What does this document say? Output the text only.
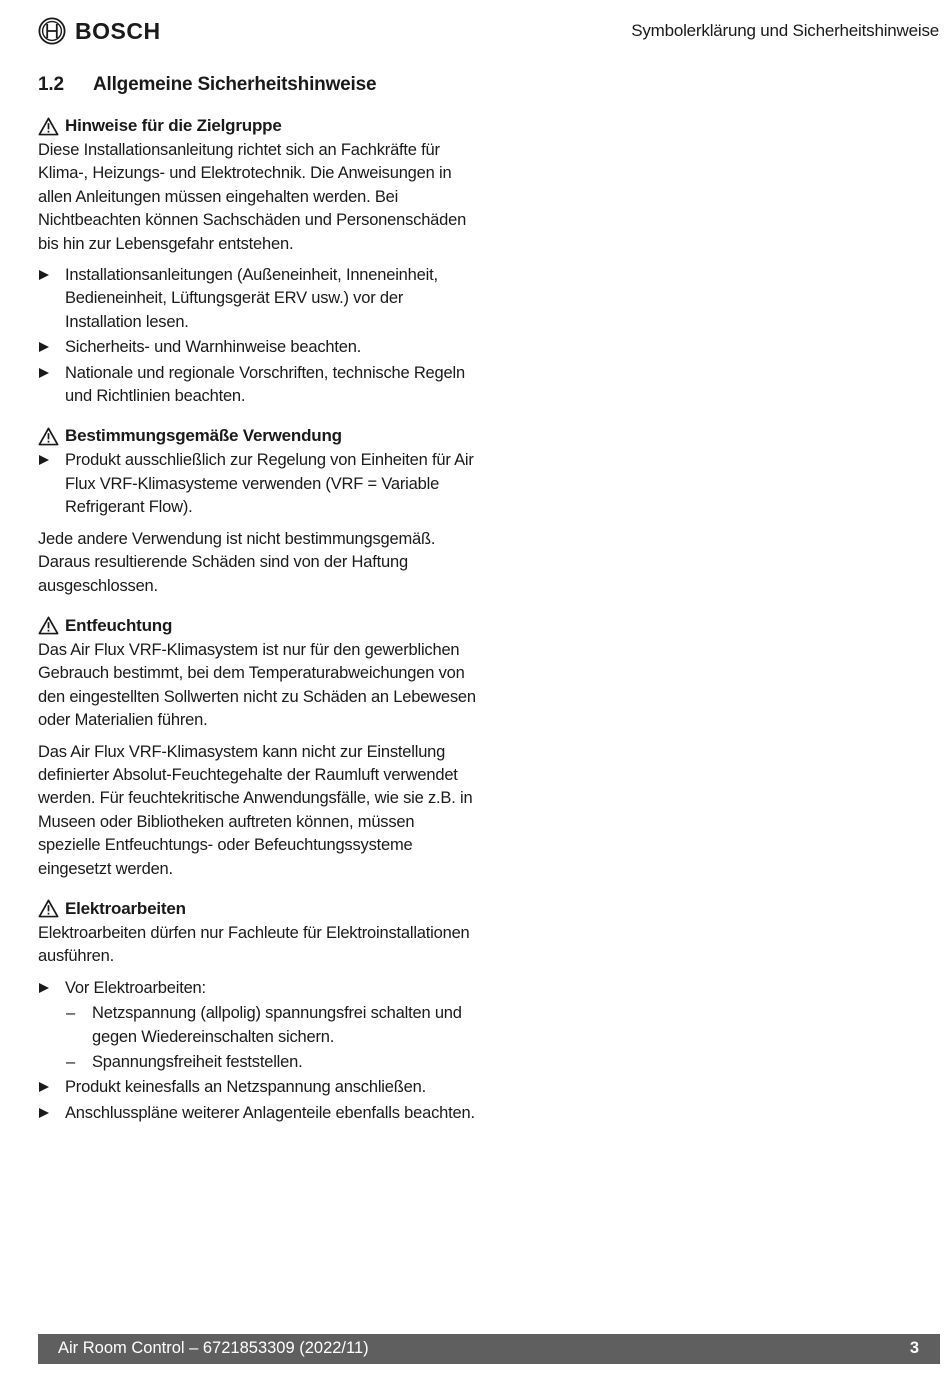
BOSCH	Symbolerklärung und Sicherheitshinweise
1.2	Allgemeine Sicherheitshinweise
Hinweise für die Zielgruppe

Diese Installationsanleitung richtet sich an Fachkräfte für Klima-, Heizungs- und Elektrotechnik. Die Anweisungen in allen Anleitungen müssen eingehalten werden. Bei Nichtbeachten können Sachschäden und Personenschäden bis hin zur Lebensgefahr entstehen.

Installationsanleitungen (Außeneinheit, Inneneinheit, Bedieneinheit, Lüftungsgerät ERV usw.) vor der Installation lesen.
Sicherheits- und Warnhinweise beachten.
Nationale und regionale Vorschriften, technische Regeln und Richtlinien beachten.
Bestimmungsgemäße Verwendung
Produkt ausschließlich zur Regelung von Einheiten für Air Flux VRF-Klimasysteme verwenden (VRF = Variable Refrigerant Flow).

Jede andere Verwendung ist nicht bestimmungsgemäß. Daraus resultierende Schäden sind von der Haftung ausgeschlossen.

Entfeuchtung

Das Air Flux VRF-Klimasystem ist nur für den gewerblichen Gebrauch bestimmt, bei dem Temperaturabweichungen von den eingestellten Sollwerten nicht zu Schäden an Lebewesen oder Materialien führen.

Das Air Flux VRF-Klimasystem kann nicht zur Einstellung definierter Absolut-Feuchtegehalte der Raumluft verwendet werden. Für feuchtekritische Anwendungsfälle, wie sie z.B. in Museen oder Bibliotheken auftreten können, müssen spezielle Entfeuchtungs- oder Befeuchtungssysteme eingesetzt werden.

Elektroarbeiten

Elektroarbeiten dürfen nur Fachleute für Elektroinstallationen ausführen.

Vor Elektroarbeiten:
– Netzspannung (allpolig) spannungsfrei schalten und gegen Wiedereinschalten sichern.
– Spannungsfreiheit feststellen.
Produkt keinesfalls an Netzspannung anschließen.
Anschlusspläne weiterer Anlagenteile ebenfalls beachten.
Air Room Control – 6721853309 (2022/11)	3
